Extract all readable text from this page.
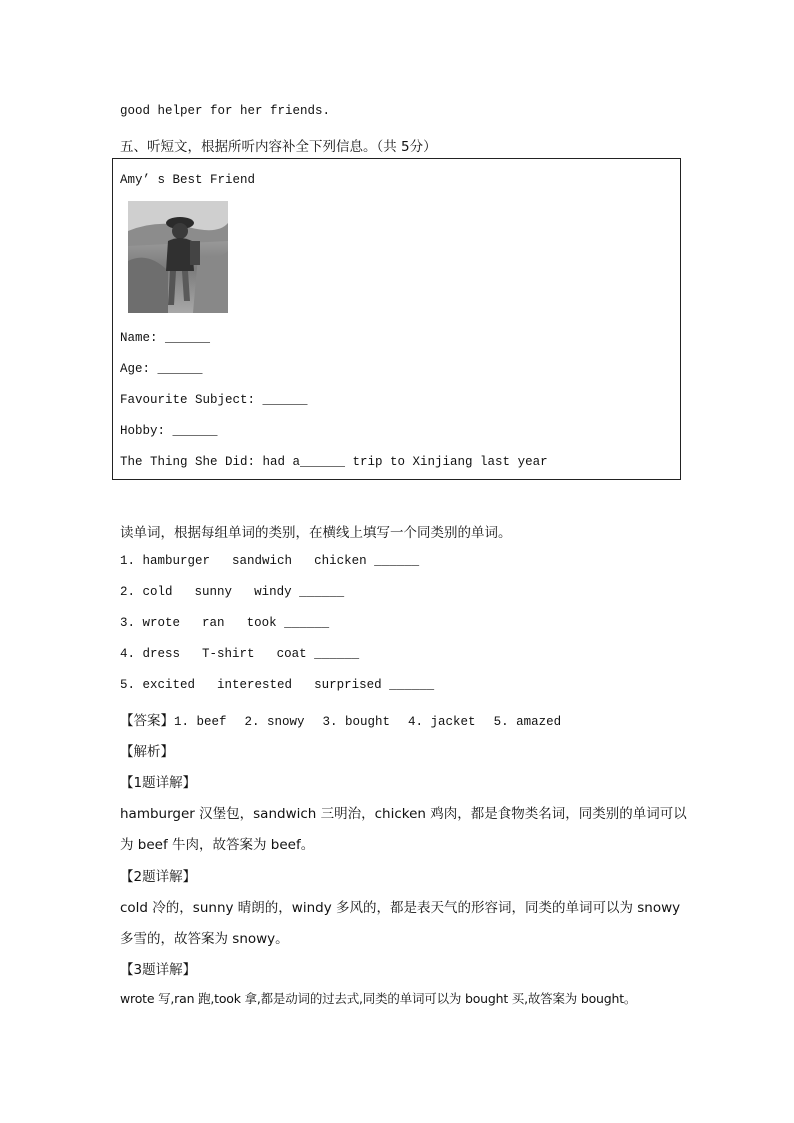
good helper for her friends.
五、听短文，根据所听内容补全下列信息。（共 5分）
Amy’ s Best Friend
Name: ______
Age: ______
Favourite Subject: ______
Hobby: ______
The Thing She Did: had a______ trip to Xinjiang last year
读单词，根据每组单词的类别，在横线上填写一个同类别的单词。
1. hamburger sandwich chicken ______
2. cold sunny windy ______
3. wrote ran took ______
4. dress T-shirt coat ______
5. excited interested surprised ______
【答案】1. beef 2. snowy 3. bought 4. jacket 5. amazed
【解析】
【1题详解】
hamburger 汉堡包，sandwich 三明治，chicken 鸡肉，都是食物类名词，同类别的单词可以
为 beef 牛肉，故答案为 beef。
【2题详解】
cold 冷的，sunny 晴朗的，windy 多风的，都是表天气的形容词，同类的单词可以为 snowy
多雪的，故答案为 snowy。
【3题详解】
wrote 写,ran 跑,took 拿,都是动词的过去式,同类的单词可以为 bought 买,故答案为 bought。
